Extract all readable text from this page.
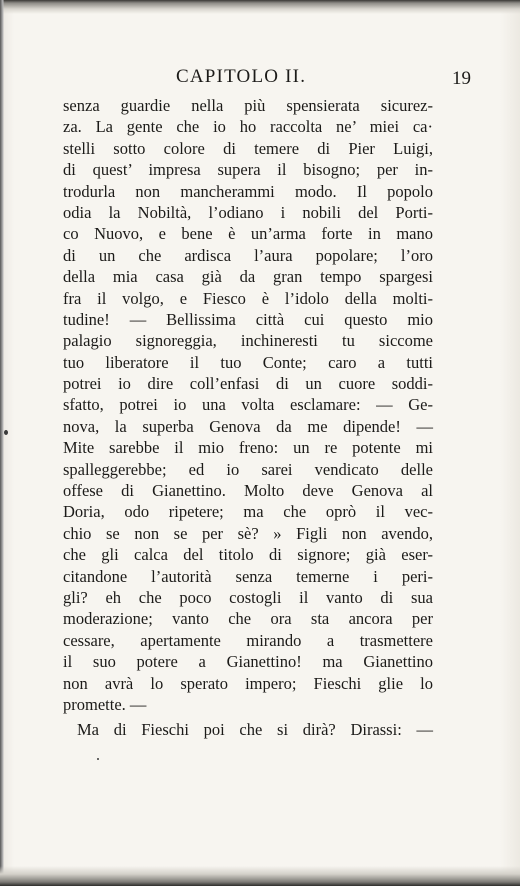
CAPITOLO II.	19
senza guardie nella più spensierata sicurez-
za. La gente che io ho raccolta ne’ miei ca·
stelli sotto colore di temere di Pier Luigi,
di quest’ impresa supera il bisogno; per in-
trodurla non mancherammi modo. Il popolo
odia la Nobiltà, l’odiano i nobili del Porti-
co Nuovo, e bene è un’arma forte in mano
di un che ardisca l’aura popolare; l’oro
della mia casa già da gran tempo spargesi
fra il volgo, e Fiesco è l’idolo della molti-
tudine! — Bellissima città cui questo mio
palagio signoreggia, inchineresti tu siccome
tuo liberatore il tuo Conte; caro a tutti
potrei io dire coll’enfasi di un cuore soddi-
sfatto, potrei io una volta esclamare: — Ge-
nova, la superba Genova da me dipende! —
Mite sarebbe il mio freno: un re potente mi
spalleggerebbe; ed io sarei vendicato delle
offese di Gianettino. Molto deve Genova al
Doria, odo ripetere; ma che oprò il vec-
chio se non se per sè? » Figli non avendo,
che gli calca del titolo di signore; già eser-
citandone l’autorità senza temerne i peri-
gli? eh che poco costogli il vanto di sua
moderazione; vanto che ora sta ancora per
cessare, apertamente mirando a trasmettere
il suo potere a Gianettino! ma Gianettino
non avrà lo sperato impero; Fieschi glie lo
promette. —
Ma di Fieschi poi che si dirà? Dirassi: —
